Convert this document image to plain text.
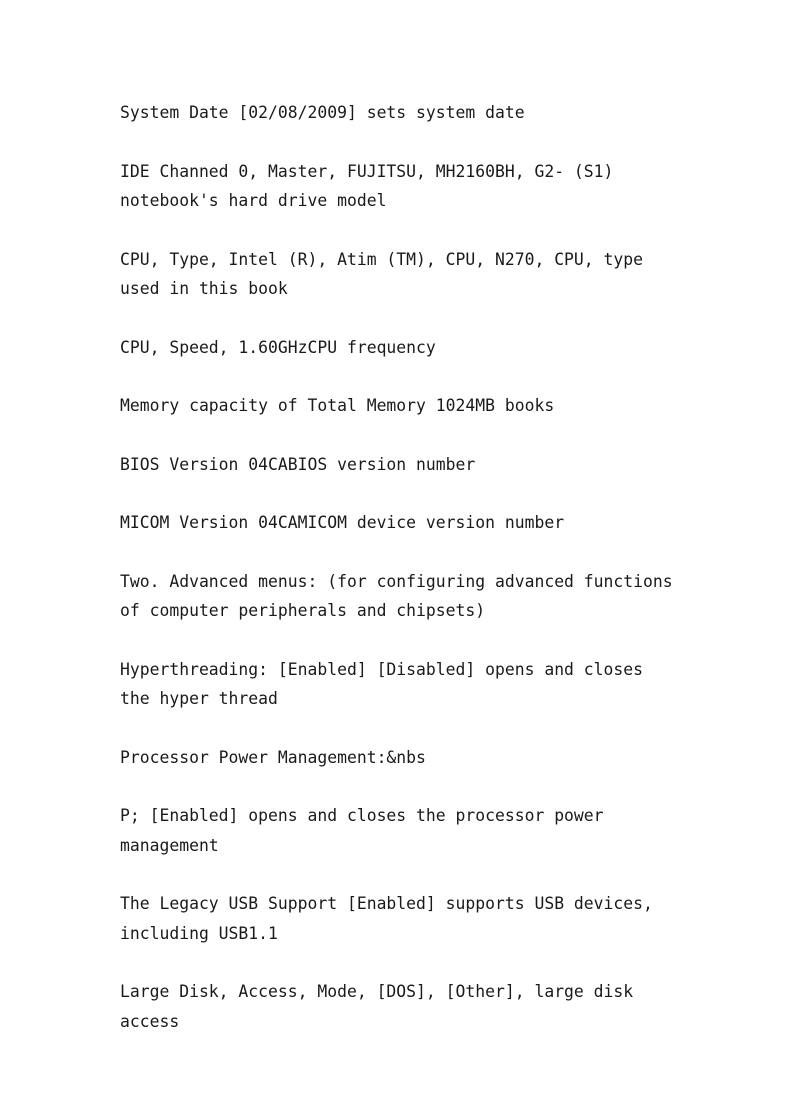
System Date [02/08/2009] sets system date

IDE Channed 0, Master, FUJITSU, MH2160BH, G2- (S1) notebook's hard drive model

CPU, Type, Intel (R), Atim (TM), CPU, N270, CPU, type used in this book

CPU, Speed, 1.60GHzCPU frequency

Memory capacity of Total Memory 1024MB books

BIOS Version 04CABIOS version number

MICOM Version 04CAMICOM device version number

Two. Advanced menus: (for configuring advanced functions of computer peripherals and chipsets)

Hyperthreading: [Enabled] [Disabled] opens and closes the hyper thread

Processor Power Management:&nbs

P; [Enabled] opens and closes the processor power management

The Legacy USB Support [Enabled] supports USB devices, including USB1.1

Large Disk, Access, Mode, [DOS], [Other], large disk access
